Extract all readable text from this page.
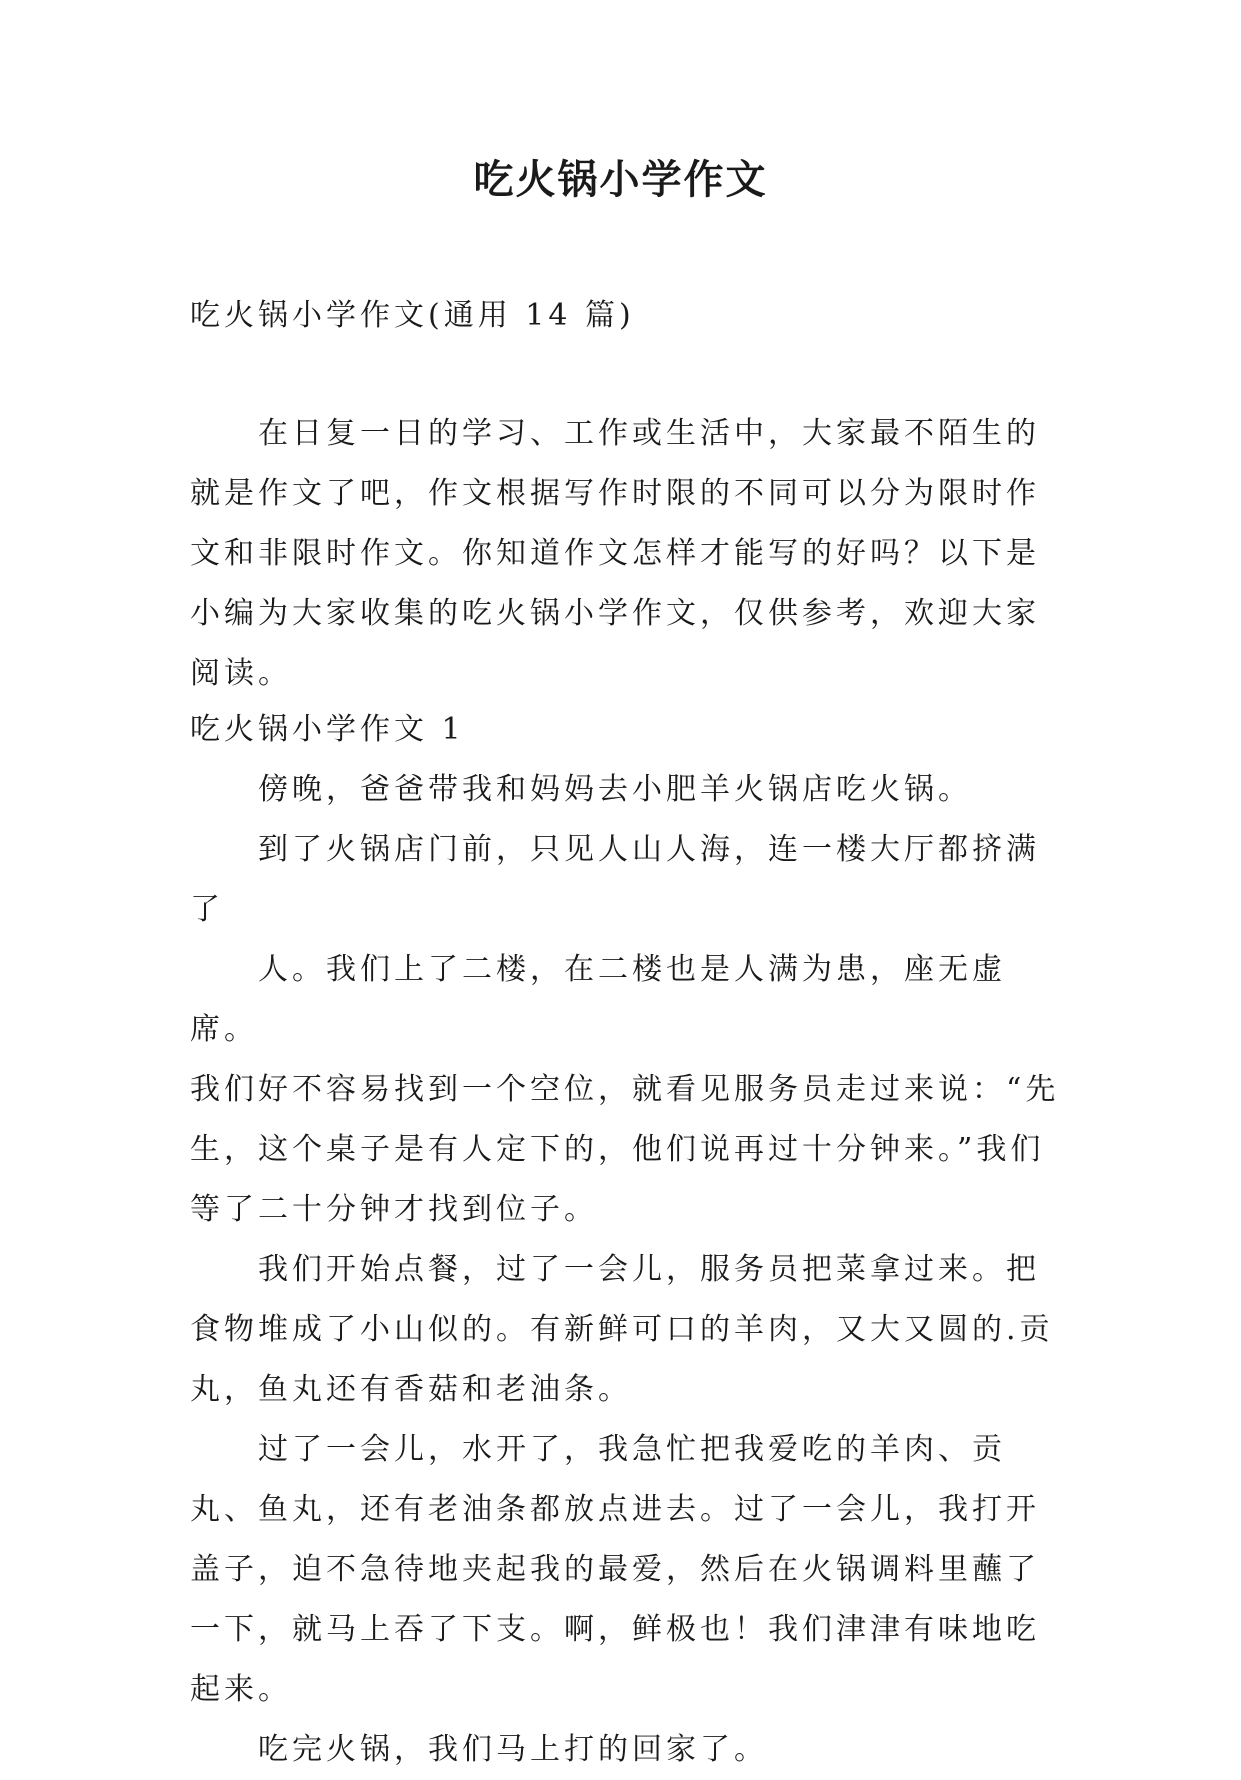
吃火锅小学作文
吃火锅小学作文(通用 14 篇)

在日复一日的学习、工作或生活中，大家最不陌生的就是作文了吧，作文根据写作时限的不同可以分为限时作文和非限时作文。你知道作文怎样才能写的好吗？以下是小编为大家收集的吃火锅小学作文，仅供参考，欢迎大家阅读。

吃火锅小学作文 1

傍晚，爸爸带我和妈妈去小肥羊火锅店吃火锅。

到了火锅店门前，只见人山人海，连一楼大厅都挤满了

人。我们上了二楼，在二楼也是人满为患，座无虚席。

我们好不容易找到一个空位，就看见服务员走过来说：“先生，这个桌子是有人定下的，他们说再过十分钟来。”我们等了二十分钟才找到位子。

我们开始点餐，过了一会儿，服务员把菜拿过来。把食物堆成了小山似的。有新鲜可口的羊肉，又大又圆的.贡丸，鱼丸还有香菇和老油条。

过了一会儿，水开了，我急忙把我爱吃的羊肉、贡丸、鱼丸，还有老油条都放点进去。过了一会儿，我打开盖子，迫不急待地夹起我的最爱，然后在火锅调料里蘸了一下，就马上吞了下支。啊，鲜极也！我们津津有味地吃起来。

吃完火锅，我们马上打的回家了。
